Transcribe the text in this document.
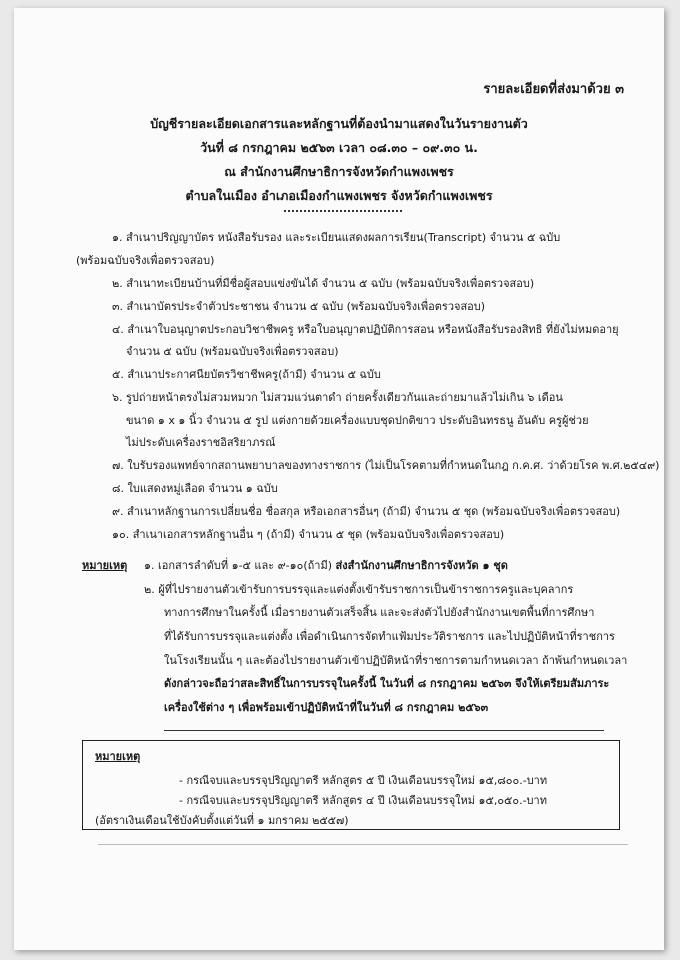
รายละเอียดที่ส่งมาด้วย ๓
บัญชีรายละเอียดเอกสารและหลักฐานที่ต้องนำมาแสดงในวันรายงานตัว
วันที่ ๘ กรกฎาคม ๒๕๖๓ เวลา ๐๘.๓๐ – ๐๙.๓๐ น.
ณ สำนักงานศึกษาธิการจังหวัดกำแพงเพชร
ตำบลในเมือง อำเภอเมืองกำแพงเพชร จังหวัดกำแพงเพชร
๑. สำเนาปริญญาบัตร หนังสือรับรอง และระเบียนแสดงผลการเรียน(Transcript) จำนวน ๕ ฉบับ
(พร้อมฉบับจริงเพื่อตรวจสอบ)
๒. สำเนาทะเบียนบ้านที่มีชื่อผู้สอบแข่งขันได้ จำนวน ๕ ฉบับ (พร้อมฉบับจริงเพื่อตรวจสอบ)
๓. สำเนาบัตรประจำตัวประชาชน จำนวน ๕ ฉบับ (พร้อมฉบับจริงเพื่อตรวจสอบ)
๔. สำเนาใบอนุญาตประกอบวิชาชีพครู หรือใบอนุญาตปฏิบัติการสอน หรือหนังสือรับรองสิทธิ ที่ยังไม่หมดอายุ
จำนวน ๕ ฉบับ (พร้อมฉบับจริงเพื่อตรวจสอบ)
๕. สำเนาประกาศนียบัตรวิชาชีพครู(ถ้ามี) จำนวน ๕ ฉบับ
๖. รูปถ่ายหน้าตรงไม่สวมหมวก ไม่สวมแว่นตาดำ ถ่ายครั้งเดียวกันและถ่ายมาแล้วไม่เกิน ๖ เดือน
ขนาด ๑ x ๑ นิ้ว จำนวน ๕ รูป แต่งกายด้วยเครื่องแบบชุดปกติขาว ประดับอินทรธนู อันดับ ครูผู้ช่วย
ไม่ประดับเครื่องราชอิสริยาภรณ์
๗. ใบรับรองแพทย์จากสถานพยาบาลของทางราชการ (ไม่เป็นโรคตามที่กำหนดในกฎ ก.ค.ศ. ว่าด้วยโรค พ.ศ.๒๕๔๙)
๘. ใบแสดงหมู่เลือด จำนวน ๑ ฉบับ
๙. สำเนาหลักฐานการเปลี่ยนชื่อ ชื่อสกุล หรือเอกสารอื่นๆ (ถ้ามี) จำนวน ๕ ชุด (พร้อมฉบับจริงเพื่อตรวจสอบ)
๑๐. สำเนาเอกสารหลักฐานอื่น ๆ (ถ้ามี) จำนวน ๕ ชุด (พร้อมฉบับจริงเพื่อตรวจสอบ)
หมายเหตุ ๑. เอกสารลำดับที่ ๑-๕ และ ๙-๑๐(ถ้ามี) ส่งสำนักงานศึกษาธิการจังหวัด ๑ ชุด
๒. ผู้ที่ไปรายงานตัวเข้ารับการบรรจุและแต่งตั้งเข้ารับราชการเป็นข้าราชการครูและบุคลากร
ทางการศึกษาในครั้งนี้ เมื่อรายงานตัวเสร็จสิ้น และจะส่งตัวไปยังสำนักงานเขตพื้นที่การศึกษา
ที่ได้รับการบรรจุและแต่งตั้ง เพื่อดำเนินการจัดทำแฟ้มประวัติราชการ และไปปฏิบัติหน้าที่ราชการ
ในโรงเรียนนั้น ๆ และต้องไปรายงานตัวเข้าปฏิบัติหน้าที่ราชการตามกำหนดเวลา ถ้าพ้นกำหนดเวลา
ดังกล่าวจะถือว่าสละสิทธิ์ในการบรรจุในครั้งนี้ ในวันที่ ๘ กรกฎาคม ๒๕๖๓ จึงให้เตรียมสัมภาระ
เครื่องใช้ต่าง ๆ เพื่อพร้อมเข้าปฏิบัติหน้าที่ในวันที่ ๘ กรกฎาคม ๒๕๖๓
หมายเหตุ
- กรณีจบและบรรจุปริญญาตรี หลักสูตร ๕ ปี เงินเดือนบรรจุใหม่ ๑๕,๘๐๐.-บาท
- กรณีจบและบรรจุปริญญาตรี หลักสูตร ๔ ปี เงินเดือนบรรจุใหม่ ๑๕,๐๕๐.-บาท
(อัตราเงินเดือนใช้บังคับตั้งแต่วันที่ ๑ มกราคม ๒๕๕๗)
